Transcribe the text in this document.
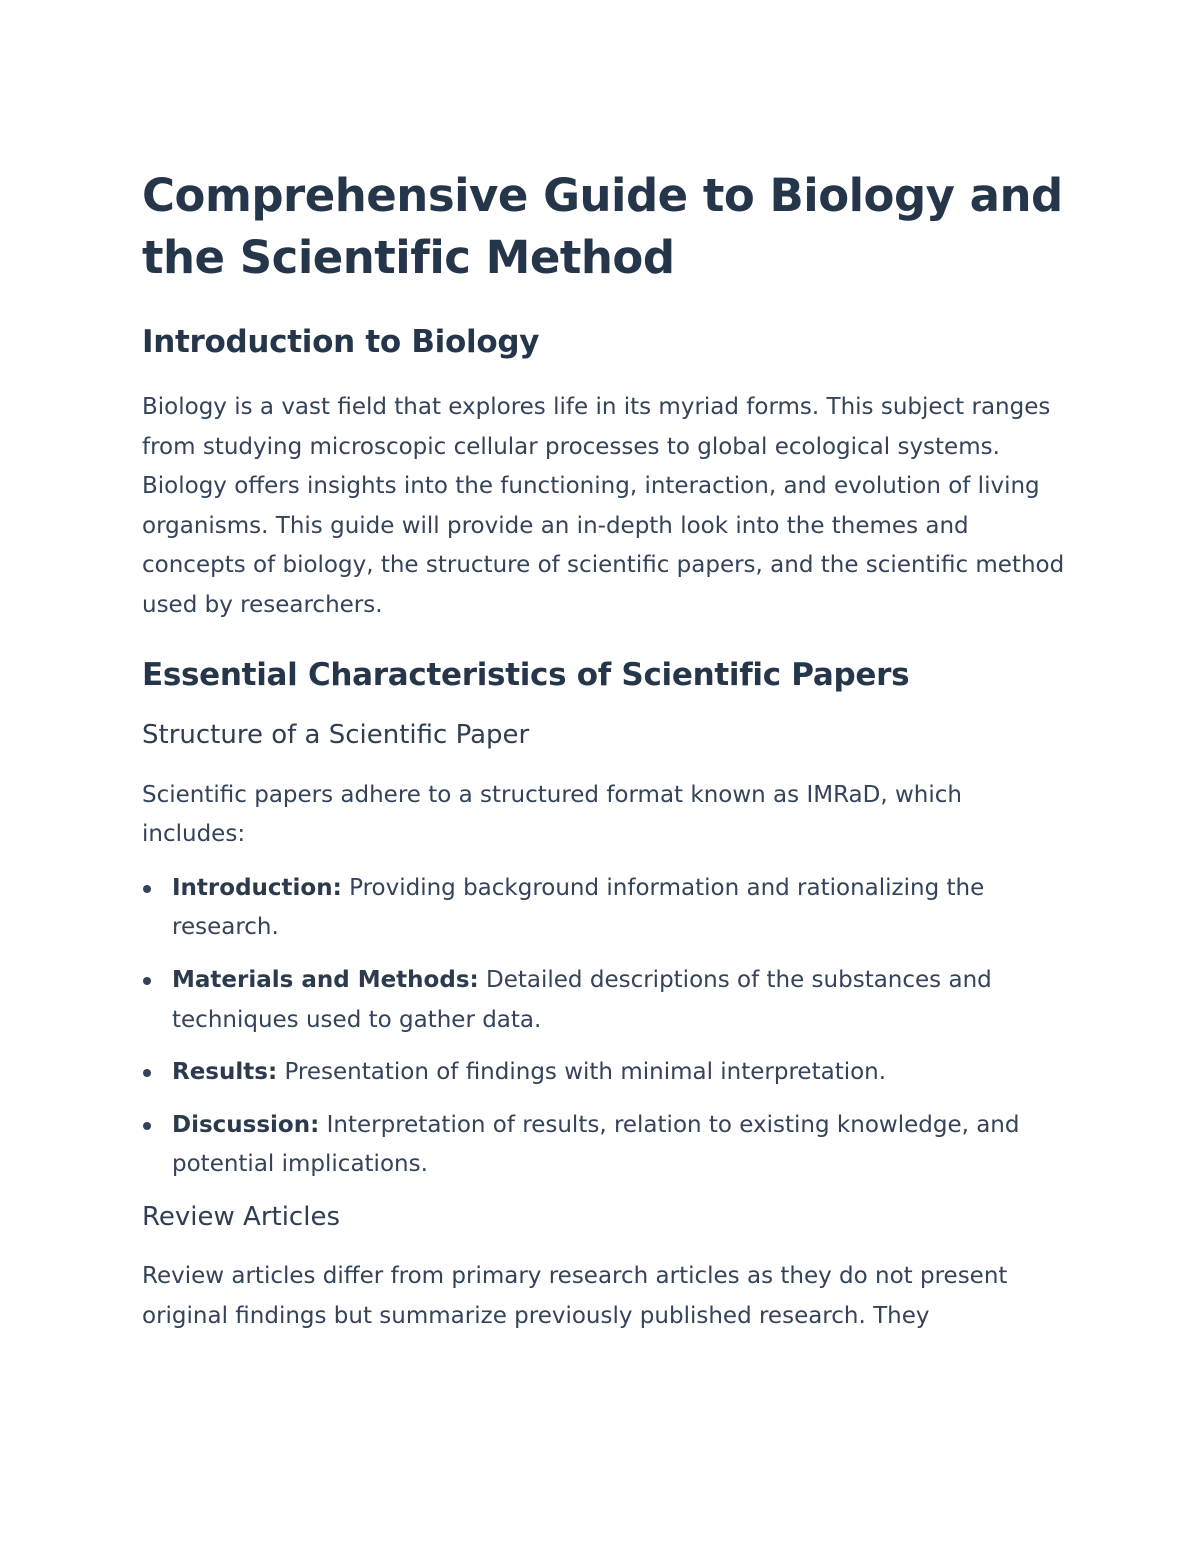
Comprehensive Guide to Biology and the Scientific Method
Introduction to Biology

Biology is a vast field that explores life in its myriad forms. This subject ranges from studying microscopic cellular processes to global ecological systems. Biology offers insights into the functioning, interaction, and evolution of living organisms. This guide will provide an in-depth look into the themes and concepts of biology, the structure of scientific papers, and the scientific method used by researchers.

Essential Characteristics of Scientific Papers
Structure of a Scientific Paper

Scientific papers adhere to a structured format known as IMRaD, which includes:

Introduction: Providing background information and rationalizing the research.
Materials and Methods: Detailed descriptions of the substances and techniques used to gather data.
Results: Presentation of findings with minimal interpretation.
Discussion: Interpretation of results, relation to existing knowledge, and potential implications.
Review Articles

Review articles differ from primary research articles as they do not present original findings but summarize previously published research. They
